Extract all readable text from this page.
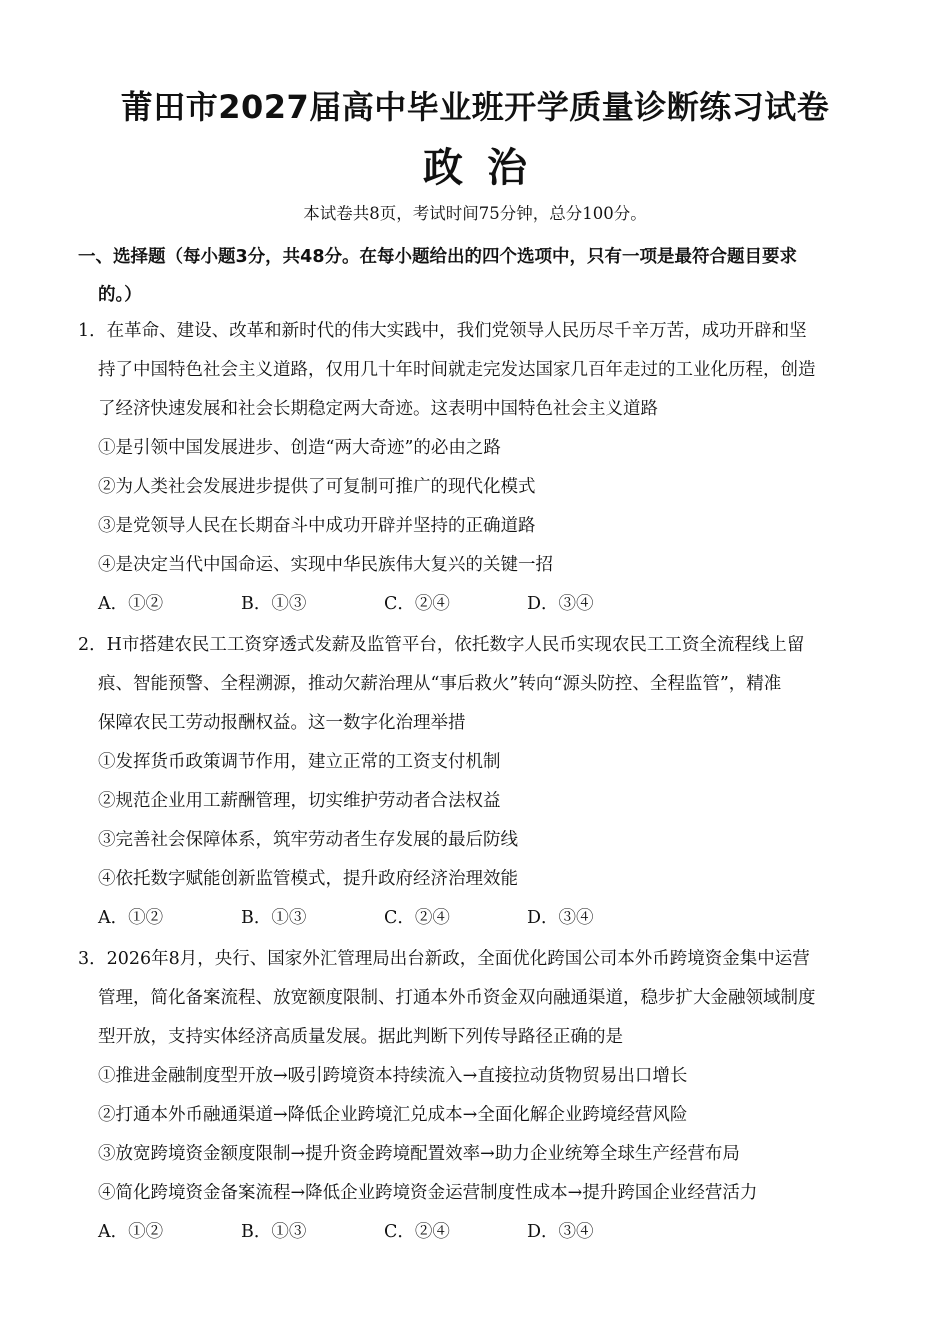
莆田市2027届高中毕业班开学质量诊断练习试卷
政治
本试卷共8页，考试时间75分钟，总分100分。
一、选择题（每小题3分，共48分。在每小题给出的四个选项中，只有一项是最符合题目要求
的。）
1．在革命、建设、改革和新时代的伟大实践中，我们党领导人民历尽千辛万苦，成功开辟和坚
持了中国特色社会主义道路，仅用几十年时间就走完发达国家几百年走过的工业化历程，创造
了经济快速发展和社会长期稳定两大奇迹。这表明中国特色社会主义道路
①是引领中国发展进步、创造“两大奇迹”的必由之路
②为人类社会发展进步提供了可复制可推广的现代化模式
③是党领导人民在长期奋斗中成功开辟并坚持的正确道路
④是决定当代中国命运、实现中华民族伟大复兴的关键一招
A．①②	B．①③	C．②④	D．③④
2．H市搭建农民工工资穿透式发薪及监管平台，依托数字人民币实现农民工工资全流程线上留
痕、智能预警、全程溯源，推动欠薪治理从“事后救火”转向“源头防控、全程监管”，精准
保障农民工劳动报酬权益。这一数字化治理举措
①发挥货币政策调节作用，建立正常的工资支付机制
②规范企业用工薪酬管理，切实维护劳动者合法权益
③完善社会保障体系，筑牢劳动者生存发展的最后防线
④依托数字赋能创新监管模式，提升政府经济治理效能
A．①②	B．①③	C．②④	D．③④
3．2026年8月，央行、国家外汇管理局出台新政，全面优化跨国公司本外币跨境资金集中运营
管理，简化备案流程、放宽额度限制、打通本外币资金双向融通渠道，稳步扩大金融领域制度
型开放，支持实体经济高质量发展。据此判断下列传导路径正确的是
①推进金融制度型开放→吸引跨境资本持续流入→直接拉动货物贸易出口增长
②打通本外币融通渠道→降低企业跨境汇兑成本→全面化解企业跨境经营风险
③放宽跨境资金额度限制→提升资金跨境配置效率→助力企业统筹全球生产经营布局
④简化跨境资金备案流程→降低企业跨境资金运营制度性成本→提升跨国企业经营活力
A．①②	B．①③	C．②④	D．③④
